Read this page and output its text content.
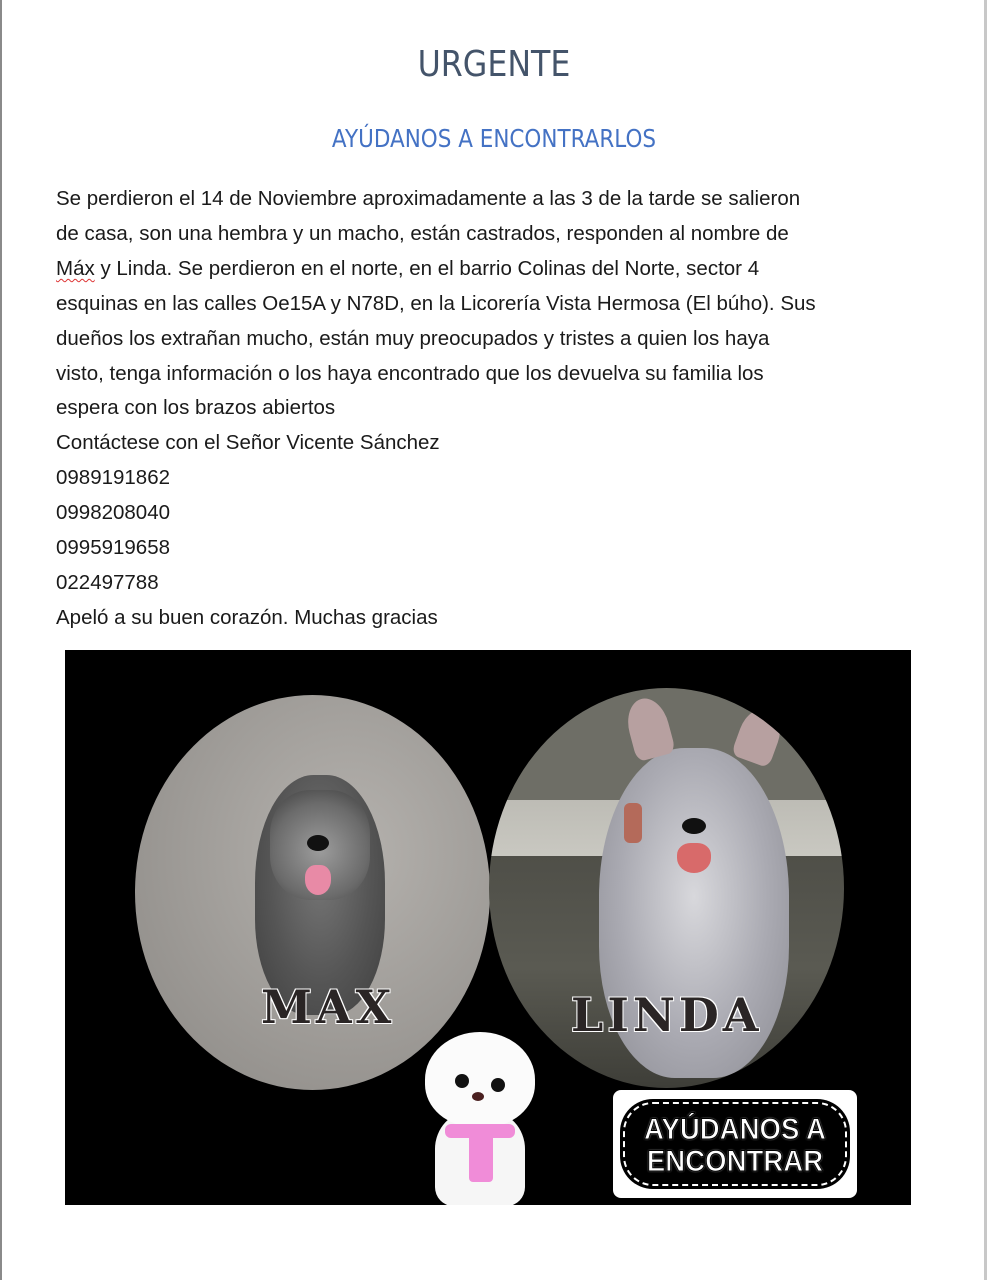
URGENTE
AYÚDANOS A ENCONTRARLOS
Se perdieron el 14 de Noviembre aproximadamente a las 3 de la tarde se salieron
de casa, son una hembra y un macho, están castrados, responden al nombre de
Máx y Linda. Se perdieron en el norte, en el barrio Colinas del Norte, sector 4
esquinas en las calles Oe15A y N78D, en la Licorería Vista Hermosa (El búho). Sus
dueños los extrañan mucho, están muy preocupados y tristes a quien los haya
visto, tenga información o los haya encontrado que los devuelva su familia los
espera con los brazos abiertos
Contáctese con el Señor Vicente Sánchez
0989191862
0998208040
0995919658
022497788
Apeló a su buen corazón. Muchas gracias
MAX	LINDA
AYÚDANOS A
ENCONTRAR
